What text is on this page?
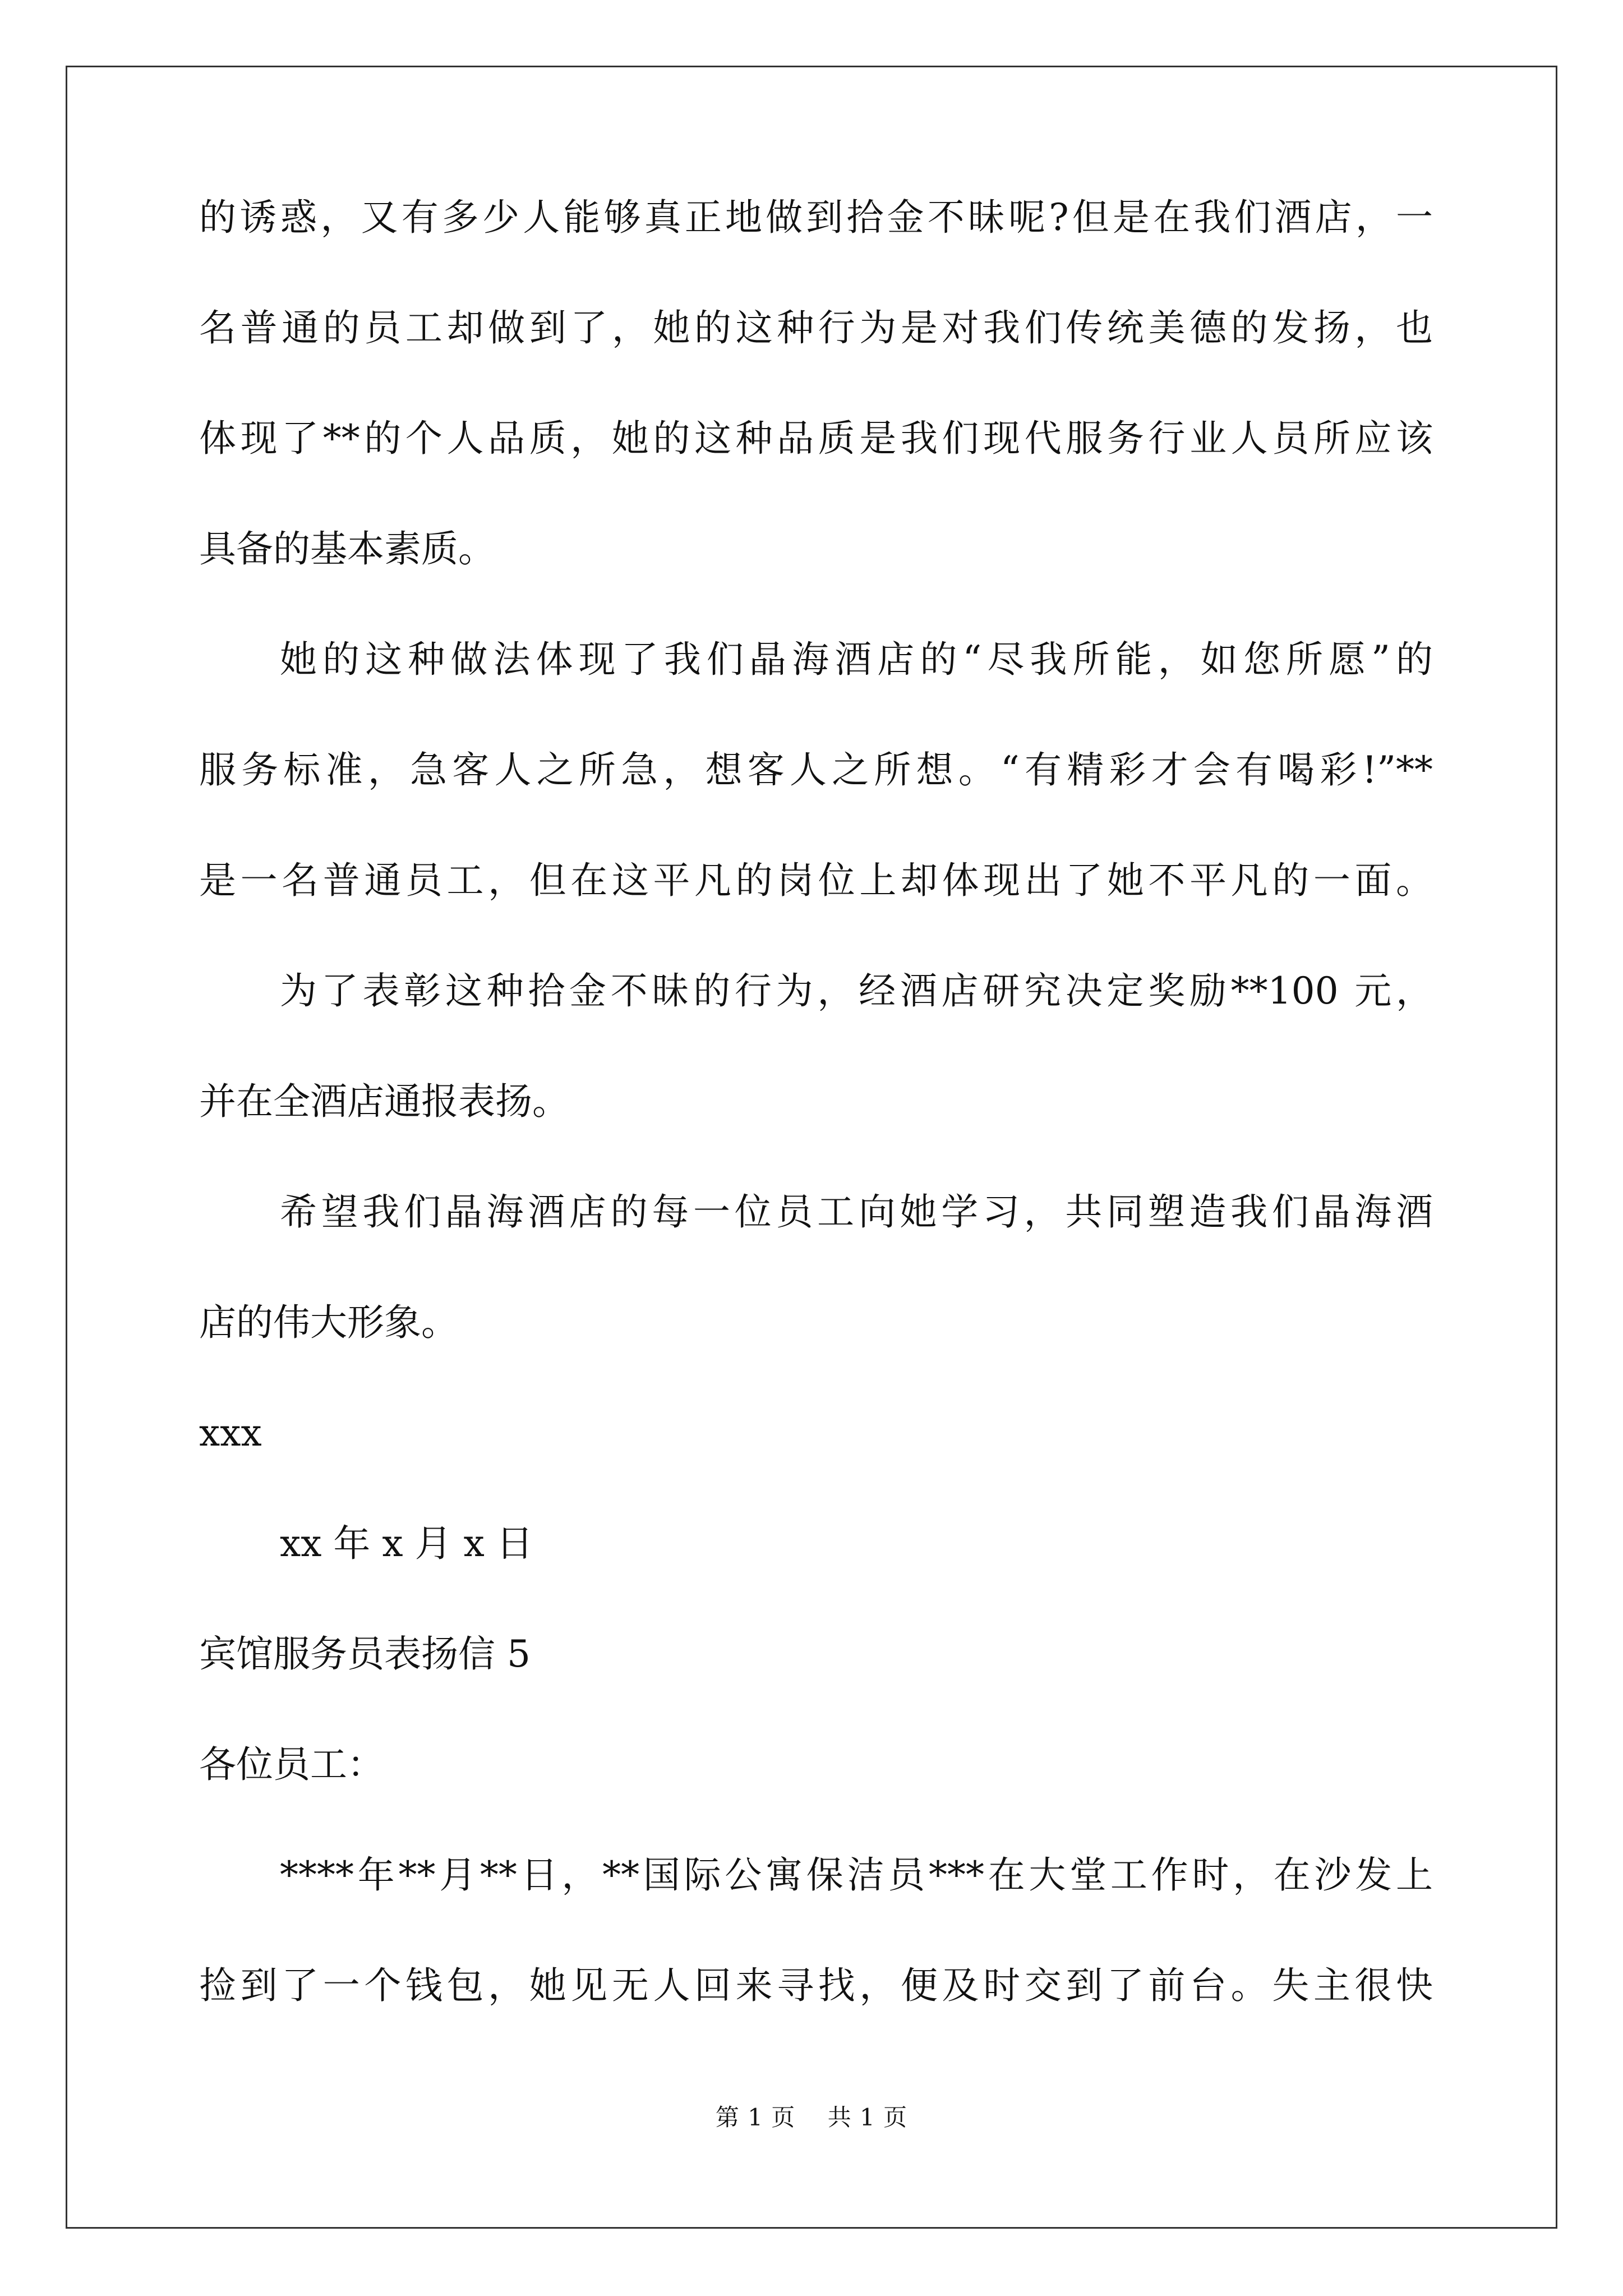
的诱惑，又有多少人能够真正地做到拾金不昧呢?但是在我们酒店，一

名普通的员工却做到了，她的这种行为是对我们传统美德的发扬，也

体现了**的个人品质，她的这种品质是我们现代服务行业人员所应该

具备的基本素质。

她的这种做法体现了我们晶海酒店的“尽我所能，如您所愿”的

服务标准，急客人之所急，想客人之所想。“有精彩才会有喝彩!”**

是一名普通员工，但在这平凡的岗位上却体现出了她不平凡的一面。

为了表彰这种拾金不昧的行为，经酒店研究决定奖励**100 元，

并在全酒店通报表扬。

希望我们晶海酒店的每一位员工向她学习，共同塑造我们晶海酒

店的伟大形象。

xxx

xx 年 x 月 x 日

宾馆服务员表扬信 5

各位员工：

****年**月**日，**国际公寓保洁员***在大堂工作时，在沙发上

捡到了一个钱包，她见无人回来寻找，便及时交到了前台。失主很快

第 1 页 共 1 页
